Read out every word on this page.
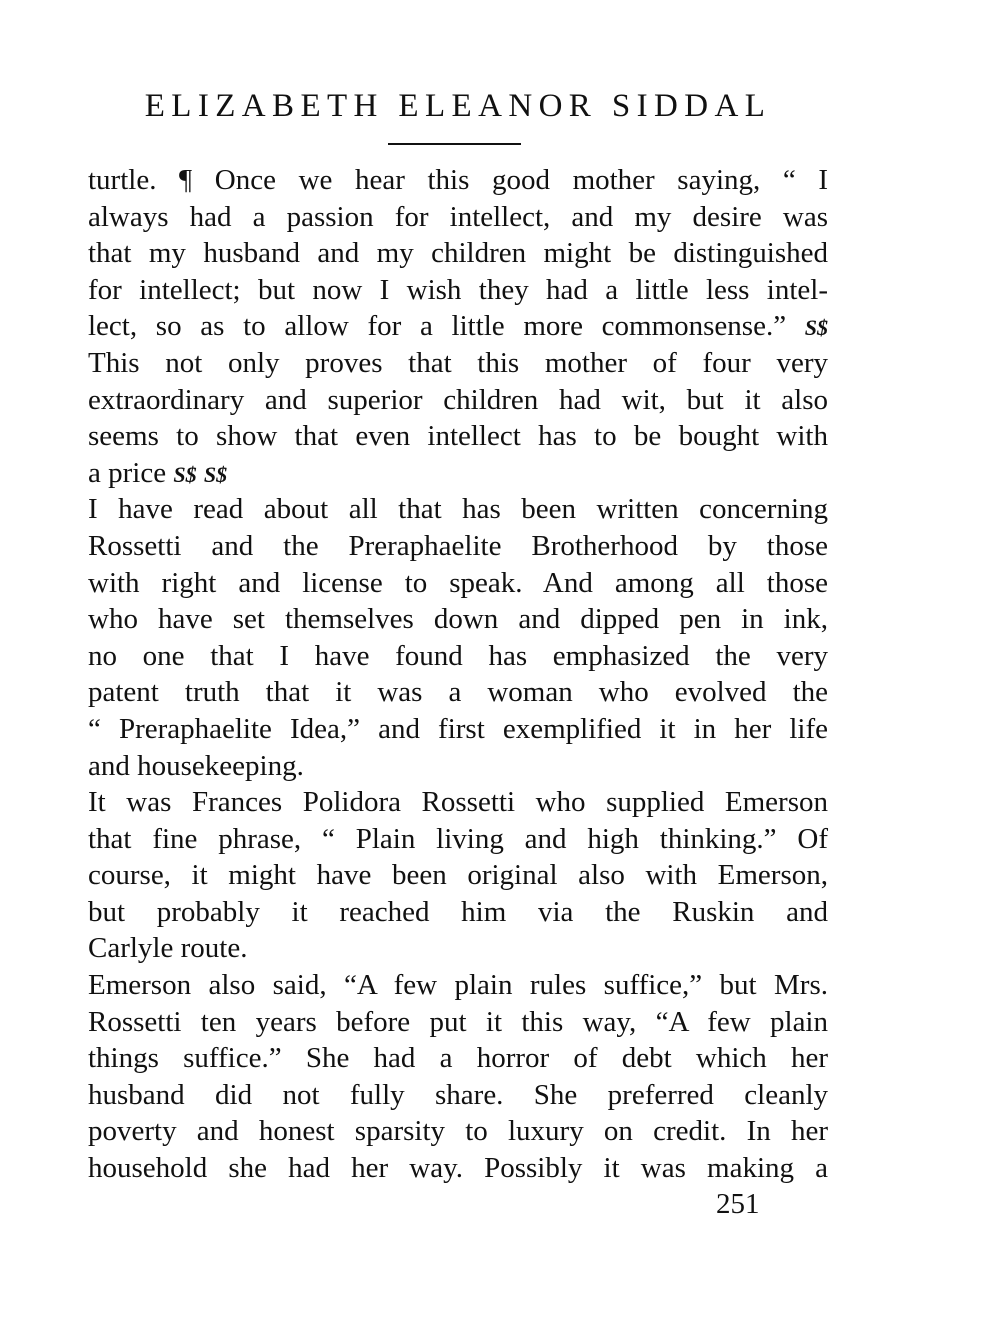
ELIZABETH ELEANOR SIDDAL
turtle. ¶ Once we hear this good mother saying, “ I
always had a passion for intellect, and my desire was
that my husband and my children might be distinguished
for intellect; but now I wish they had a little less intel-
lect, so as to allow for a little more commonsense.” S$
This not only proves that this mother of four very
extraordinary and superior children had wit, but it also
seems to show that even intellect has to be bought with
a price S$ S$
I have read about all that has been written concerning
Rossetti and the Preraphaelite Brotherhood by those
with right and license to speak. And among all those
who have set themselves down and dipped pen in ink,
no one that I have found has emphasized the very
patent truth that it was a woman who evolved the
“ Preraphaelite Idea,” and first exemplified it in her life
and housekeeping.
It was Frances Polidora Rossetti who supplied Emerson
that fine phrase, “ Plain living and high thinking.” Of
course, it might have been original also with Emerson,
but probably it reached him via the Ruskin and
Carlyle route.
Emerson also said, “A few plain rules suffice,” but Mrs.
Rossetti ten years before put it this way, “A few plain
things suffice.” She had a horror of debt which her
husband did not fully share. She preferred cleanly
poverty and honest sparsity to luxury on credit. In her
household she had her way. Possibly it was making a
251
